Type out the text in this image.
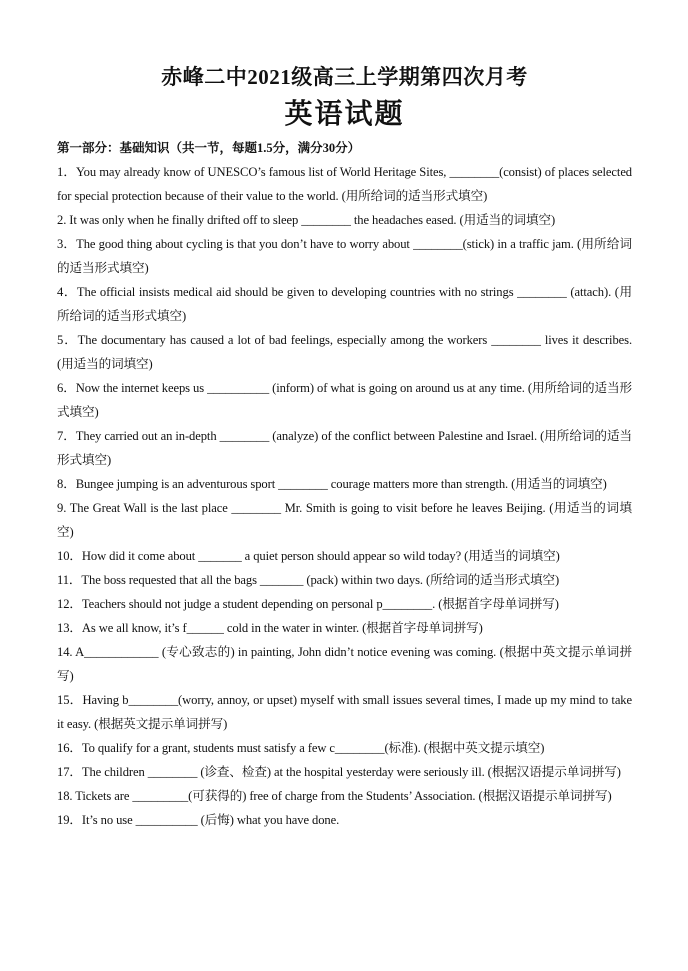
赤峰二中2021级高三上学期第四次月考
英语试题

第一部分：基础知识（共一节，每题1.5分，满分30分）

1．You may already know of UNESCO’s famous list of World Heritage Sites, ________(consist) of places selected for special protection because of their value to the world. (用所给词的适当形式填空)
2. It was only when he finally drifted off to sleep ________ the headaches eased. (用适当的词填空)
3．The good thing about cycling is that you don’t have to worry about ________(stick) in a traffic jam. (用所给词的适当形式填空)
4．The official insists medical aid should be given to developing countries with no strings ________ (attach). (用所给词的适当形式填空)
5．The documentary has caused a lot of bad feelings, especially among the workers ________ lives it describes. (用适当的词填空)
6．Now the internet keeps us __________ (inform) of what is going on around us at any time. (用所给词的适当形式填空)
7．They carried out an in-depth ________ (analyze) of the conflict between Palestine and Israel. (用所给词的适当形式填空)
8．Bungee jumping is an adventurous sport ________ courage matters more than strength. (用适当的词填空)
9. The Great Wall is the last place ________ Mr. Smith is going to visit before he leaves Beijing. (用适当的词填空)
10．How did it come about _______ a quiet person should appear so wild today? (用适当的词填空)
11．The boss requested that all the bags _______ (pack) within two days. (所给词的适当形式填空)
12．Teachers should not judge a student depending on personal p________. (根据首字母单词拼写)
13．As we all know, it’s f______ cold in the water in winter. (根据首字母单词拼写)
14. A____________ (专心致志的) in painting, John didn’t notice evening was coming. (根据中英文提示单词拼写)
15．Having b________(worry, annoy, or upset) myself with small issues several times, I made up my mind to take it easy. (根据英文提示单词拼写)
16．To qualify for a grant, students must satisfy a few c________(标准). (根据中英文提示填空)
17．The children ________ (诊查、检查) at the hospital yesterday were seriously ill. (根据汉语提示单词拼写)
18. Tickets are _________(可获得的) free of charge from the Students’ Association. (根据汉语提示单词拼写)
19．It’s no use __________ (后悔) what you have done.
